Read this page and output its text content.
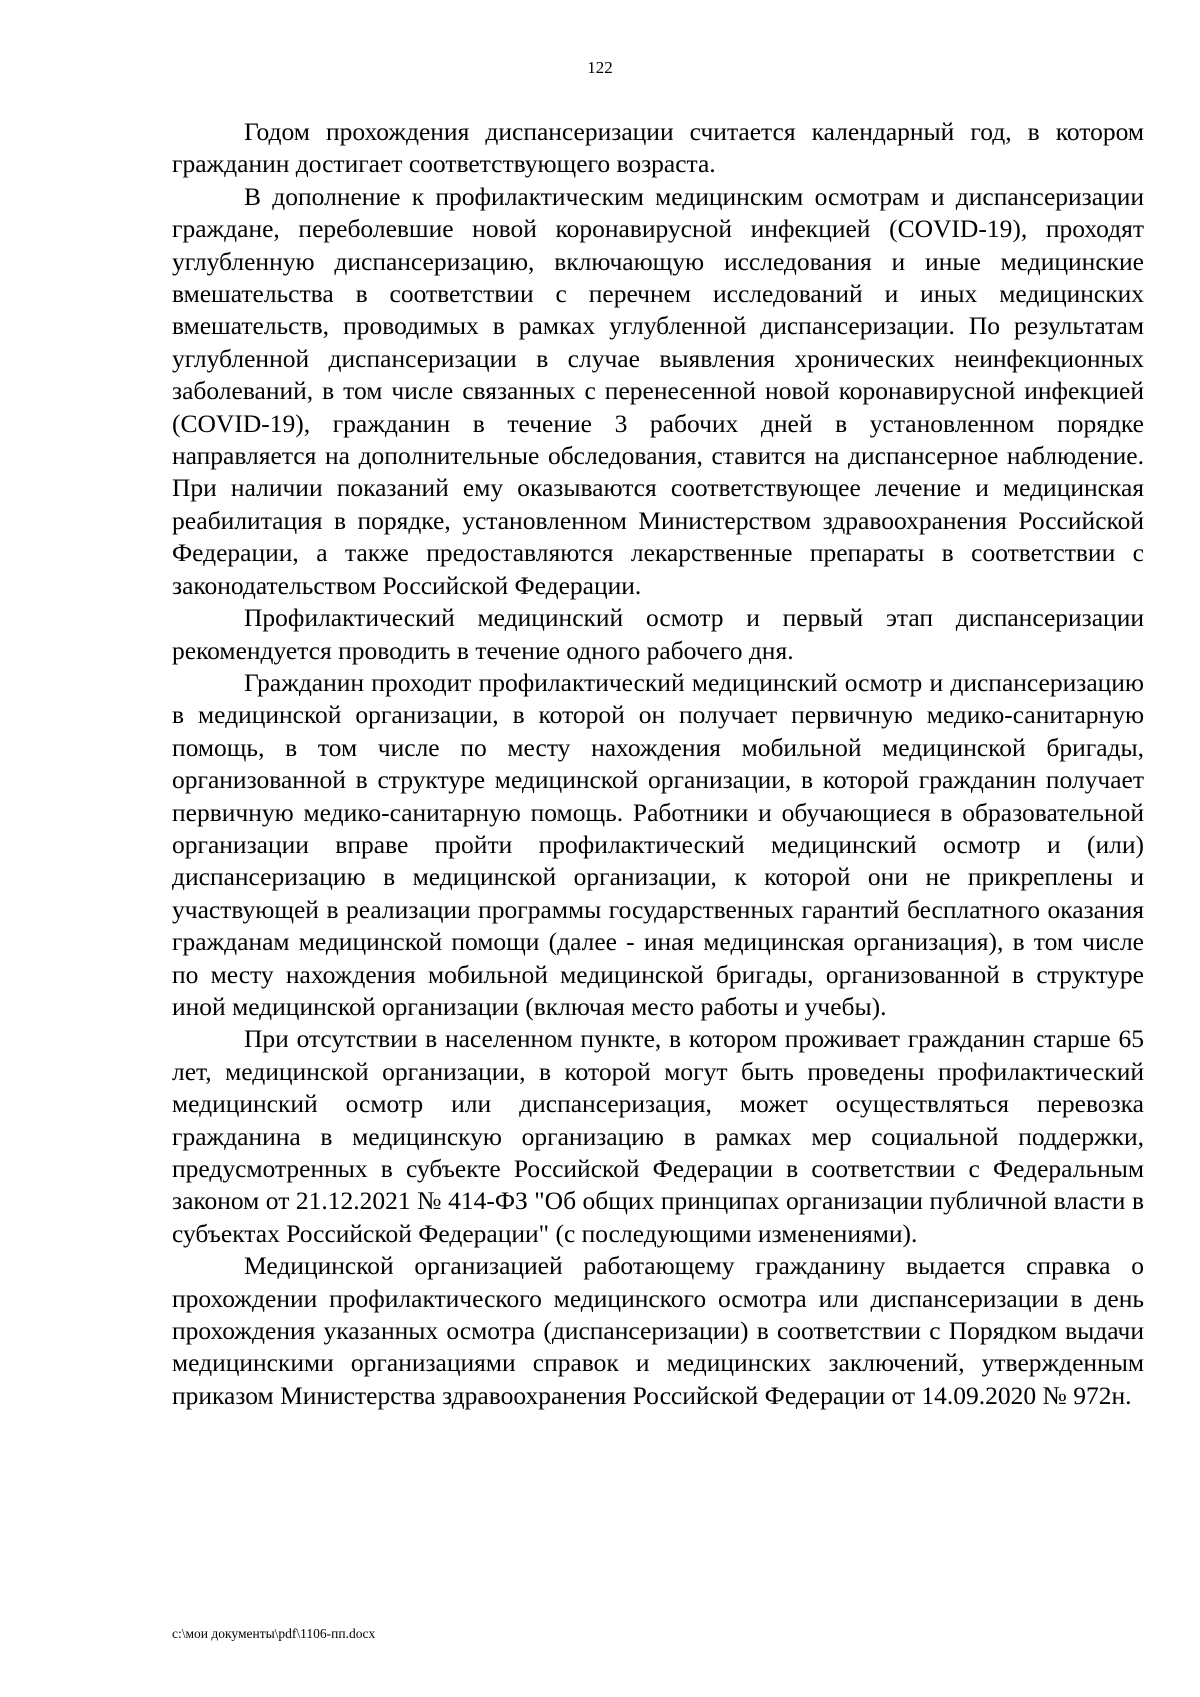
122

Годом прохождения диспансеризации считается календарный год, в котором гражданин достигает соответствующего возраста.

В дополнение к профилактическим медицинским осмотрам и диспансеризации граждане, переболевшие новой коронавирусной инфекцией (COVID-19), проходят углубленную диспансеризацию, включающую исследования и иные медицинские вмешательства в соответствии с перечнем исследований и иных медицинских вмешательств, проводимых в рамках углубленной диспансеризации. По результатам углубленной диспансеризации в случае выявления хронических неинфекционных заболеваний, в том числе связанных с перенесенной новой коронавирусной инфекцией (COVID-19), гражданин в течение 3 рабочих дней в установленном порядке направляется на дополнительные обследования, ставится на диспансерное наблюдение. При наличии показаний ему оказываются соответствующее лечение и медицинская реабилитация в порядке, установленном Министерством здравоохранения Российской Федерации, а также предоставляются лекарственные препараты в соответствии с законодательством Российской Федерации.

Профилактический медицинский осмотр и первый этап диспансеризации рекомендуется проводить в течение одного рабочего дня.

Гражданин проходит профилактический медицинский осмотр и диспансеризацию в медицинской организации, в которой он получает первичную медико-санитарную помощь, в том числе по месту нахождения мобильной медицинской бригады, организованной в структуре медицинской организации, в которой гражданин получает первичную медико-санитарную помощь. Работники и обучающиеся в образовательной организации вправе пройти профилактический медицинский осмотр и (или) диспансеризацию в медицинской организации, к которой они не прикреплены и участвующей в реализации программы государственных гарантий бесплатного оказания гражданам медицинской помощи (далее - иная медицинская организация), в том числе по месту нахождения мобильной медицинской бригады, организованной в структуре иной медицинской организации (включая место работы и учебы).

При отсутствии в населенном пункте, в котором проживает гражданин старше 65 лет, медицинской организации, в которой могут быть проведены профилактический медицинский осмотр или диспансеризация, может осуществляться перевозка гражданина в медицинскую организацию в рамках мер социальной поддержки, предусмотренных в субъекте Российской Федерации в соответствии с Федеральным законом от 21.12.2021 № 414-ФЗ "Об общих принципах организации публичной власти в субъектах Российской Федерации" (с последующими изменениями).

Медицинской организацией работающему гражданину выдается справка о прохождении профилактического медицинского осмотра или диспансеризации в день прохождения указанных осмотра (диспансеризации) в соответствии с Порядком выдачи медицинскими организациями справок и медицинских заключений, утвержденным приказом Министерства здравоохранения Российской Федерации от 14.09.2020 № 972н.

c:\мои документы\pdf\1106-пп.docx
